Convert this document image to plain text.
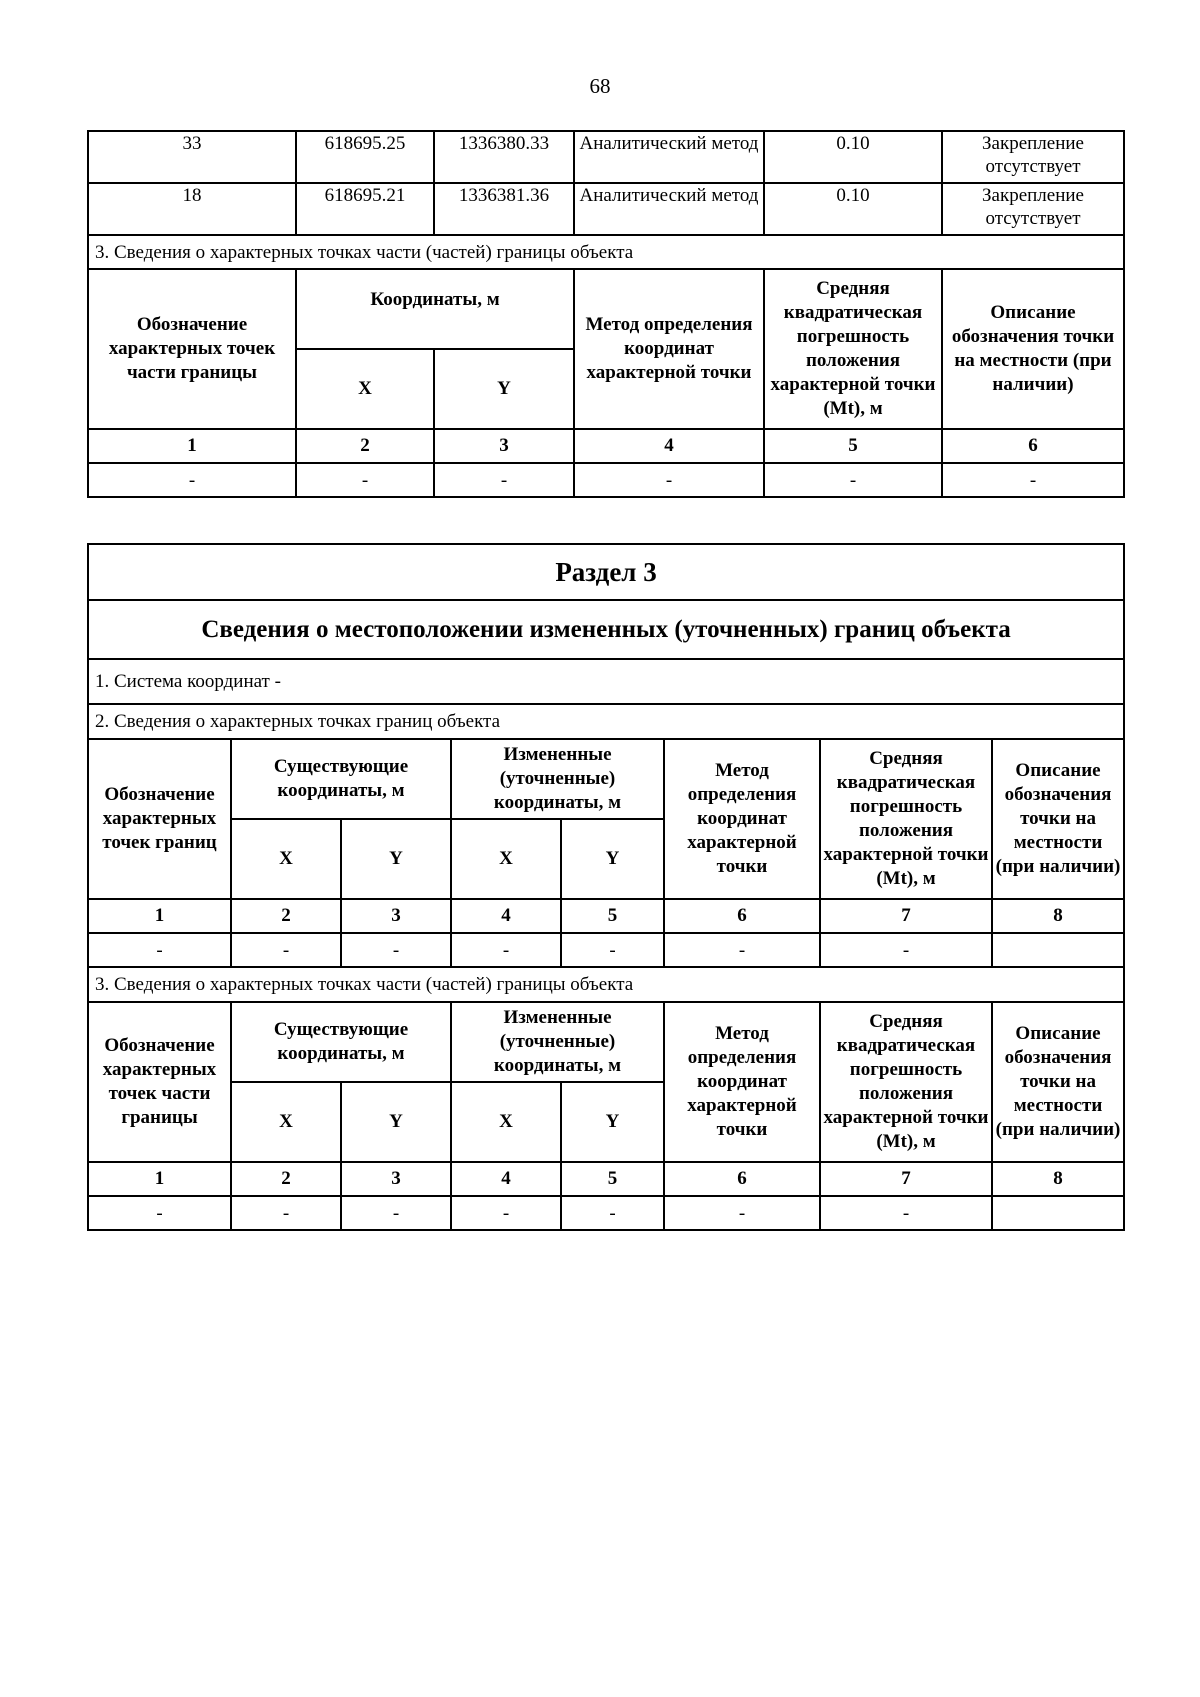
68
33	618695.25	1336380.33	Аналитический метод	0.10	Закрепление отсутствует
18	618695.21	1336381.36	Аналитический метод	0.10	Закрепление отсутствует
3. Сведения о характерных точках части (частей) границы объекта					
Обозначение характерных точек части границы	Координаты, м		Метод определения координат характерной точки	Средняя квадратическая погрешность положения характерной точки (Mt), м	Описание обозначения точки на местности (при наличии)
	X	Y			
1	2	3	4	5	6
-	-	-	-	-	-
Раздел 3							
Сведения о местоположении измененных (уточненных) границ объекта							
1. Система координат -							
2. Сведения о характерных точках границ объекта							
Обозначение характерных точек границ	Существующие координаты, м		Измененные (уточненные) координаты, м		Метод определения координат характерной точки	Средняя квадратическая погрешность положения характерной точки (Mt), м	Описание обозначения точки на местности (при наличии)
	X	Y	X	Y			
1	2	3	4	5	6	7	8
-	-	-	-	-	-	-	
3. Сведения о характерных точках части (частей) границы объекта							
Обозначение характерных точек части границы	Существующие координаты, м		Измененные (уточненные) координаты, м		Метод определения координат характерной точки	Средняя квадратическая погрешность положения характерной точки (Mt), м	Описание обозначения точки на местности (при наличии)
	X	Y	X	Y			
1	2	3	4	5	6	7	8
-	-	-	-	-	-	-	
